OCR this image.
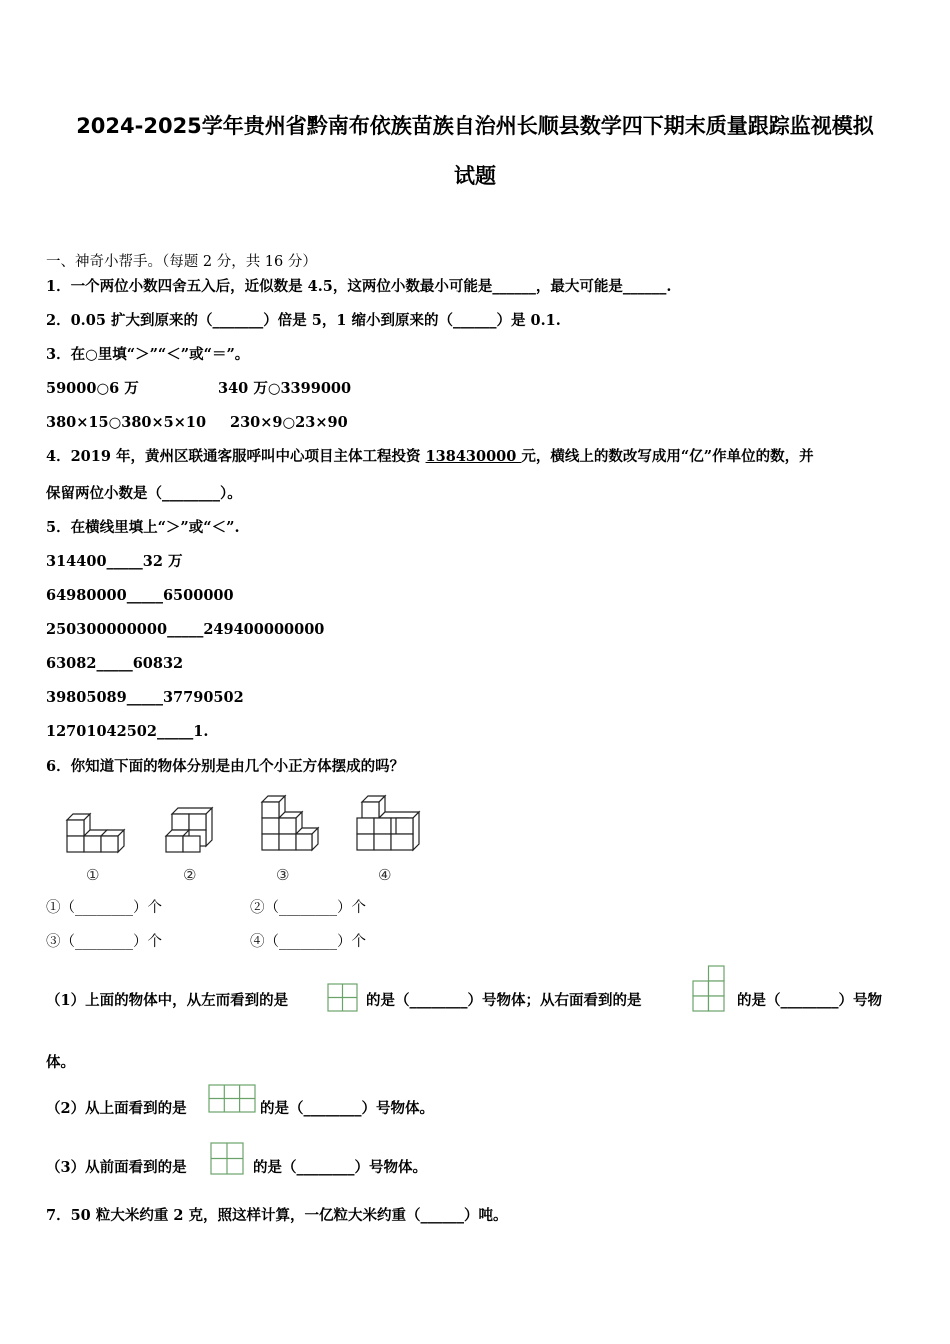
2024-2025学年贵州省黔南布依族苗族自治州长顺县数学四下期末质量跟踪监视模拟
试题
一、神奇小帮手。（每题 2 分，共 16 分）
1．一个两位小数四舍五入后，近似数是 4.5，这两位小数最小可能是______，最大可能是______.
2．0.05 扩大到原来的（_______）倍是 5，1 缩小到原来的（______）是 0.1.
3．在○里填“＞”“＜”或“＝”。
59000○6 万	340 万○3399000
380×15○380×5×10 230×9○23×90
4．2019 年，黄州区联通客服呼叫中心项目主体工程投资 138430000 元，横线上的数改写成用“亿”作单位的数，并
保留两位小数是（________）。
5．在横线里填上“＞”或“＜”.
314400_____32 万
64980000_____6500000
250300000000_____249400000000
63082_____60832
39805089_____37790502
12701042502_____1.
6．你知道下面的物体分别是由几个小正方体摆成的吗？
①	②	③	④
①（________）个	②（________）个
③（________）个	④（________）个
（1）上面的物体中，从左而看到的是	的是（________）号物体；从右面看到的是	的是（________）号物
体。
（2）从上面看到的是	的是（________）号物体。
（3）从前面看到的是	的是（________）号物体。
7．50 粒大米约重 2 克，照这样计算，一亿粒大米约重（______）吨。
